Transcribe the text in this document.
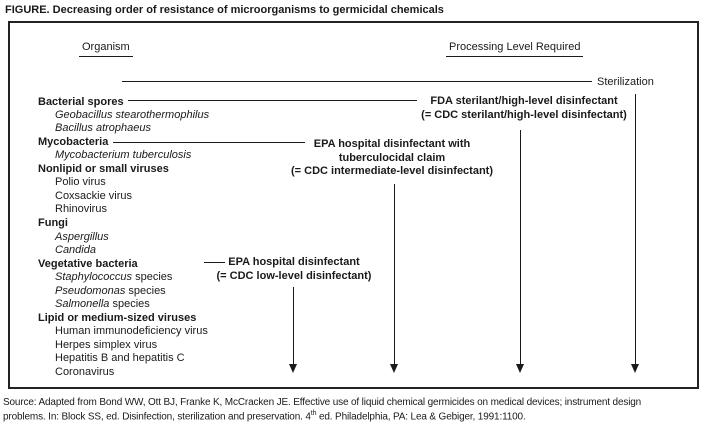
FIGURE. Decreasing order of resistance of microorganisms to germicidal chemicals
Organism	Processing Level Required
Sterilization
Bacterial spores
Geobacillus stearothermophilus
Bacillus atrophaeus
Mycobacteria
Mycobacterium tuberculosis
Nonlipid or small viruses
Polio virus
Coxsackie virus
Rhinovirus
Fungi
Aspergillus
Candida
Vegetative bacteria
Staphylococcus species
Pseudomonas species
Salmonella species
Lipid or medium-sized viruses
Human immunodeficiency virus
Herpes simplex virus
Hepatitis B and hepatitis C
Coronavirus
FDA sterilant/high-level disinfectant
(= CDC sterilant/high-level disinfectant)
EPA hospital disinfectant with
tuberculocidal claim
(= CDC intermediate-level disinfectant)
EPA hospital disinfectant
(= CDC low-level disinfectant)
Source: Adapted from Bond WW, Ott BJ, Franke K, McCracken JE. Effective use of liquid chemical germicides on medical devices; instrument design
problems. In: Block SS, ed. Disinfection, sterilization and preservation. 4th ed. Philadelphia, PA: Lea & Gebiger, 1991:1100.
